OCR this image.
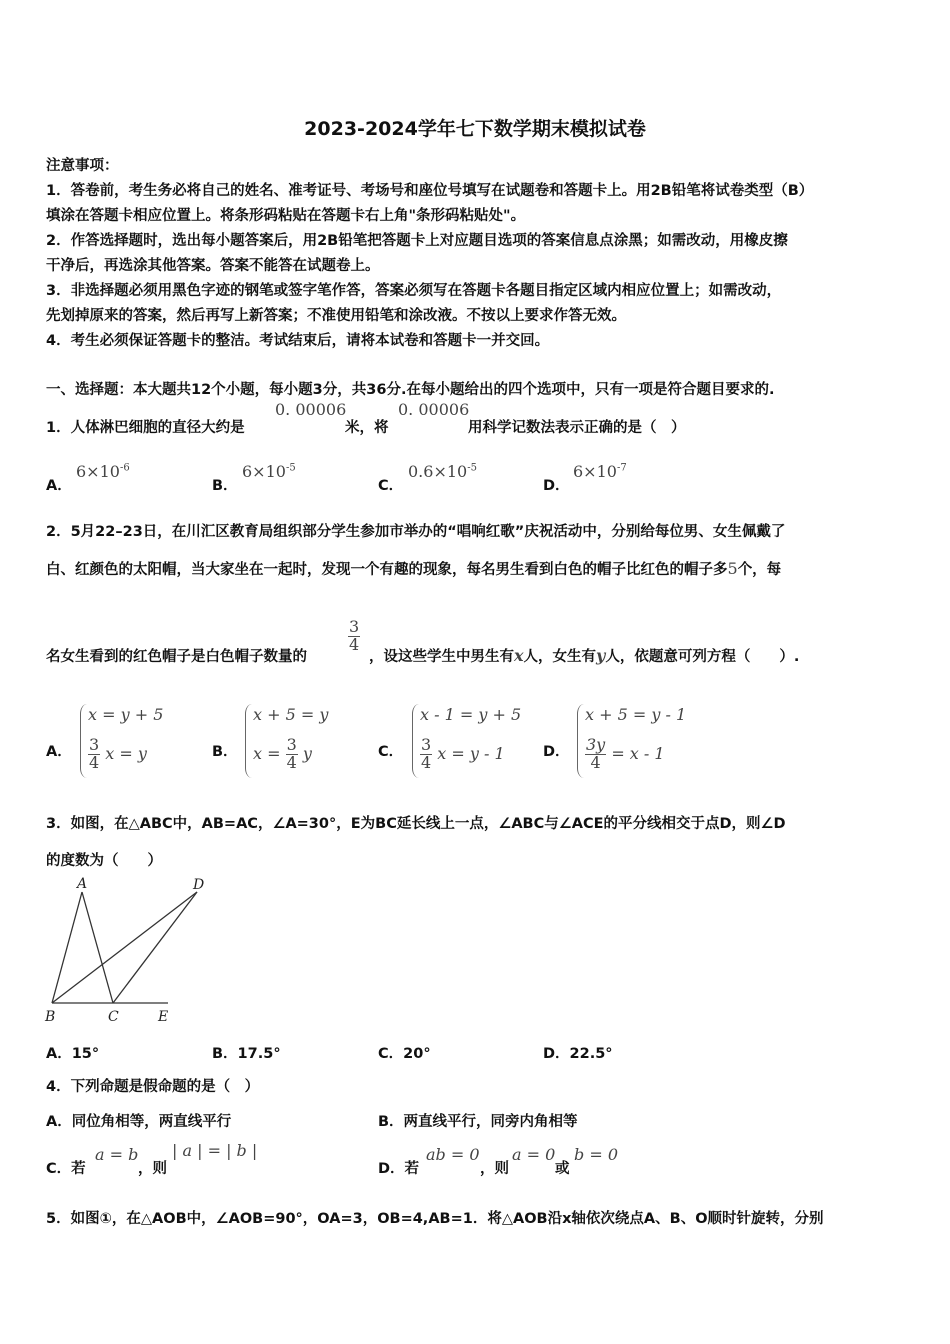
2023-2024学年七下数学期末模拟试卷
注意事项：
1．答卷前，考生务必将自己的姓名、准考证号、考场号和座位号填写在试题卷和答题卡上。用2B铅笔将试卷类型（B）
填涂在答题卡相应位置上。将条形码粘贴在答题卡右上角"条形码粘贴处"。
2．作答选择题时，选出每小题答案后，用2B铅笔把答题卡上对应题目选项的答案信息点涂黑；如需改动，用橡皮擦
干净后，再选涂其他答案。答案不能答在试题卷上。
3．非选择题必须用黑色字迹的钢笔或签字笔作答，答案必须写在答题卡各题目指定区域内相应位置上；如需改动，
先划掉原来的答案，然后再写上新答案；不准使用铅笔和涂改液。不按以上要求作答无效。
4．考生必须保证答题卡的整洁。考试结束后，请将本试卷和答题卡一并交回。
一、选择题：本大题共12个小题，每小题3分，共36分.在每小题给出的四个选项中，只有一项是符合题目要求的.
1．人体淋巴细胞的直径大约是
0. 00006
米，将
0. 00006
用科学记数法表示正确的是（　）
A．
$6\times 10^{-6}$
B．
$6\times 10^{-5}$
C．
$0.6\times 10^{-5}$
D．
$6\times 10^{-7}$
2．5月22–23日，在川汇区教育局组织部分学生参加市举办的“唱响红歌”庆祝活动中，分别给每位男、女生佩戴了
白、红颜色的太阳帽，当大家坐在一起时，发现一个有趣的现象，每名男生看到白色的帽子比红色的帽子多5个，每
名女生看到的红色帽子是白色帽子数量的
$\frac{3}{4}$
，设这些学生中男生有x人，女生有y人，依题意可列方程（　　）.
A．
x = y + 5
$\frac{3}{4}$ x = y	B．
x + 5 = y
$x = \frac{3}{4}$ y	C．
x - 1 = y + 5
$\frac{3}{4}$ x = y - 1	D．
x + 5 = y - 1
$\frac{3y}{4} = x - 1$
3．如图，在△ABC中，AB=AC，∠A=30°，E为BC延长线上一点，∠ABC与∠ACE的平分线相交于点D，则∠D
的度数为（　　）
A	D
B	C	E
A．15°	B．17.5°	C．20°	D．22.5°
4．下列命题是假命题的是（　）
A．同位角相等，两直线平行	B．两直线平行，同旁内角相等
C．若
a = b
，则
| a | = | b |
D．若
ab = 0
，则
a = 0
或
b = 0
5．如图①，在△AOB中，∠AOB=90°，OA=3，OB=4,AB=1．将△AOB沿x轴依次绕点A、B、O顺时针旋转，分别
